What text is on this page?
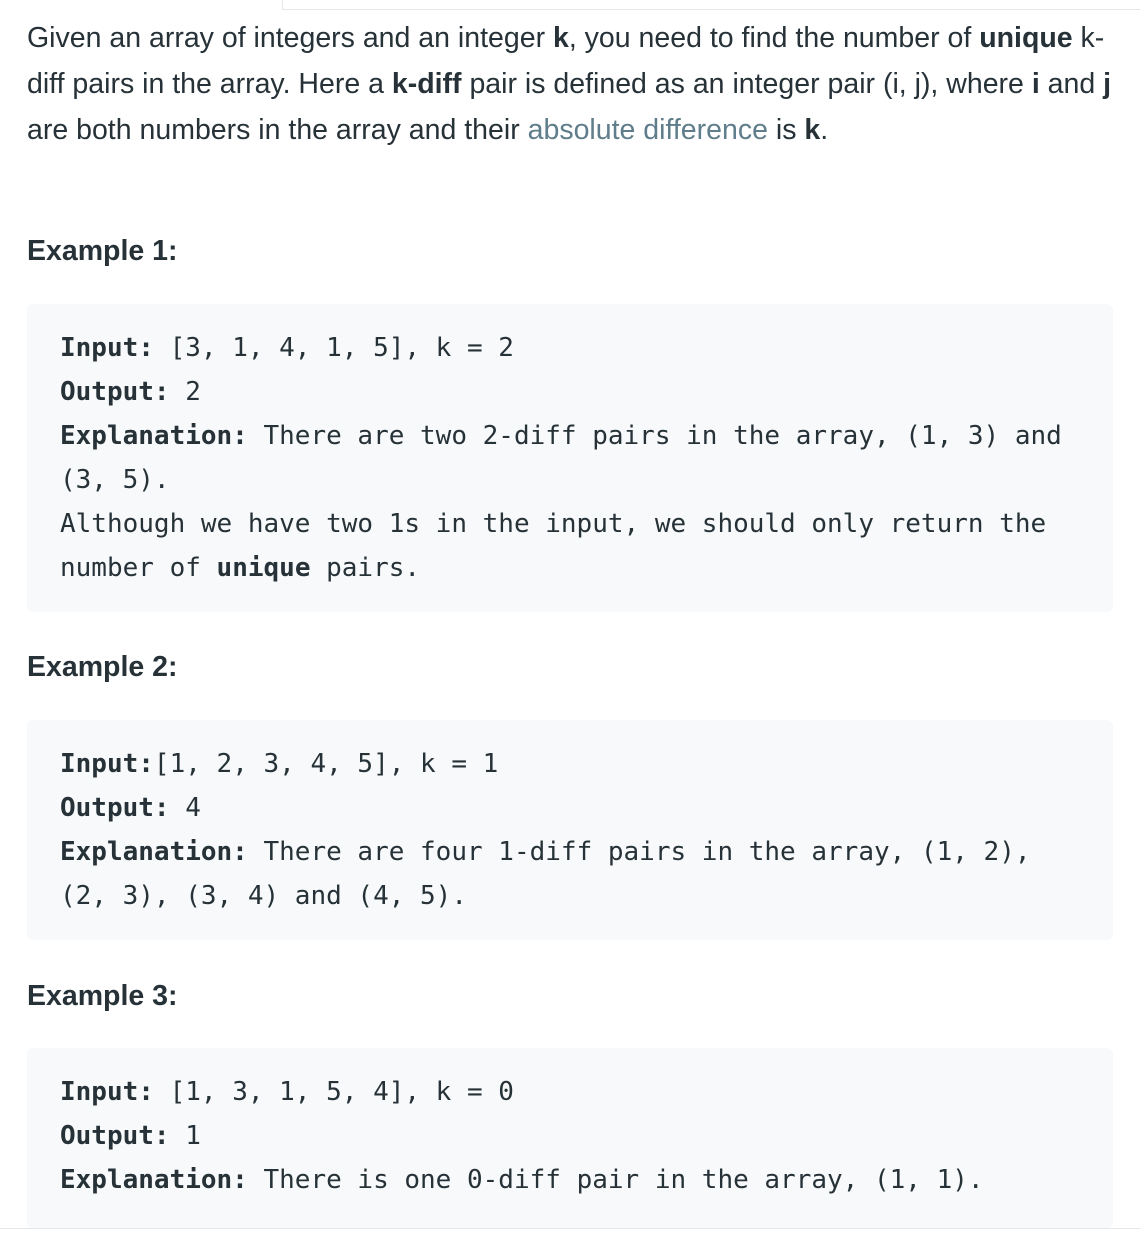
Given an array of integers and an integer k, you need to find the number of unique k-diff pairs in the array. Here a k-diff pair is defined as an integer pair (i, j), where i and j are both numbers in the array and their absolute difference is k.

Example 1:
Input: [3, 1, 4, 1, 5], k = 2
Output: 2
Explanation: There are two 2-diff pairs in the array, (1, 3) and (3, 5).
Although we have two 1s in the input, we should only return the number of unique pairs.
Example 2:
Input:[1, 2, 3, 4, 5], k = 1
Output: 4
Explanation: There are four 1-diff pairs in the array, (1, 2), (2, 3), (3, 4) and (4, 5).
Example 3:
Input: [1, 3, 1, 5, 4], k = 0
Output: 1
Explanation: There is one 0-diff pair in the array, (1, 1).
